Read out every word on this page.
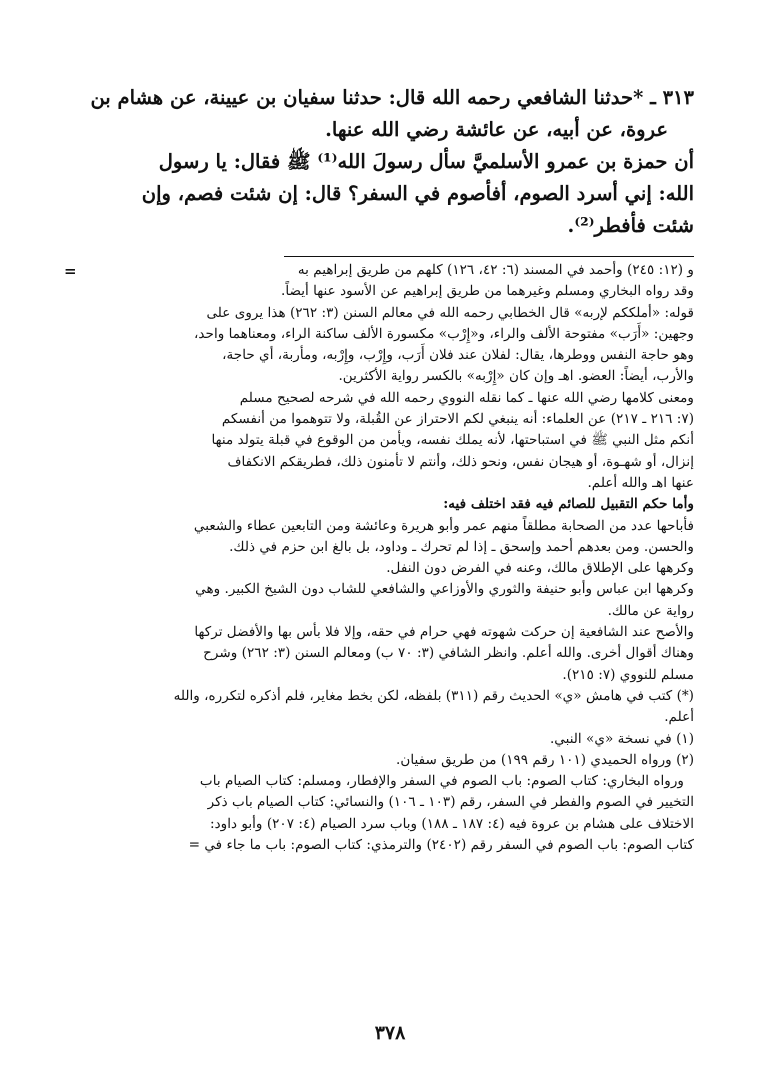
٣١٣ ـ *حدثنا الشافعي رحمه الله قال: حدثنا سفيان بن عيينة، عن هشام بن

عروة، عن أبيه، عن عائشة رضي الله عنها.

أن حمزة بن عمرو الأسلميَّ سأل رسولَ الله⁽¹⁾ ﷺ فقال: يا رسول

الله: إني أسرد الصوم، أفأصوم في السفر؟ قال: إن شئت فصم، وإن

شئت فأفطر⁽²⁾.

و (١٢: ٢٤٥) وأحمد في المسند (٦: ٤٢، ١٢٦) كلهم من طريق إبراهيم به

وقد رواه البخاري ومسلم وغيرهما من طريق إبراهيم عن الأسود عنها أيضاً.

قوله: «أملككم لإربه» قال الخطابي رحمه الله في معالم السنن (٣: ٢٦٢) هذا يروى على

وجهين: «أَرَب» مفتوحة الألف والراء، و«إِرْب» مكسورة الألف ساكنة الراء، ومعناهما واحد،

وهو حاجة النفس ووطرها، يقال: لفلان عند فلان أَرَب، وإِرْب، وإِرْبه، ومأربة، أي حاجة،

والأرب، أيضاً: العضو. اهـ وإن كان «إِرْبه» بالكسر رواية الأكثرين.

ومعنى كلامها رضي الله عنها ـ كما نقله النووي رحمه الله في شرحه لصحيح مسلم

(٧: ٢١٦ ـ ٢١٧) عن العلماء: أنه ينبغي لكم الاحتراز عن القُبلة، ولا تتوهموا من أنفسكم

أنكم مثل النبي ﷺ في استباحتها، لأنه يملك نفسه، ويأمن من الوقوع في قبلة يتولد منها

إنزال، أو شهـوة، أو هيجان نفس، ونحو ذلك، وأنتم لا تأمنون ذلك، فطريقكم الانكفاف

عنها اهـ والله أعلم.

وأما حكم التقبيل للصائم فيه فقد اختلف فيه:

فأباحها عدد من الصحابة مطلقاً منهم عمر وأبو هريرة وعائشة ومن التابعين عطاء والشعبي

والحسن. ومن بعدهم أحمد وإسحق ـ إذا لم تحرك ـ وداود، بل بالغ ابن حزم في ذلك.

وكرهها على الإطلاق مالك، وعنه في الفرض دون النفل.

وكرهها ابن عباس وأبو حنيفة والثوري والأوزاعي والشافعي للشاب دون الشيخ الكبير. وهي

رواية عن مالك.

والأصح عند الشافعية إن حركت شهوته فهي حرام في حقه، وإلا فلا بأس بها والأفضل تركها

وهناك أقوال أخرى. والله أعلم. وانظر الشافي (٣: ٧٠ ب) ومعالم السنن (٣: ٢٦٢) وشرح

مسلم للنووي (٧: ٢١٥).

(*) كتب في هامش «ي» الحديث رقم (٣١١) بلفظه، لكن بخط مغاير، فلم أذكره لتكرره، والله

أعلم.

(١) في نسخة «ي» النبي.

(٢) ورواه الحميدي (١٠١ رقم ١٩٩) من طريق سفيان.

ورواه البخاري: كتاب الصوم: باب الصوم في السفر والإفطار، ومسلم: كتاب الصيام باب

التخيير في الصوم والفطر في السفر، رقم (١٠٣ ـ ١٠٦) والنسائي: كتاب الصيام باب ذكر

الاختلاف على هشام بن عروة فيه (٤: ١٨٧ ـ ١٨٨) وباب سرد الصيام (٤: ٢٠٧) وأبو داود:

كتاب الصوم: باب الصوم في السفر رقم (٢٤٠٢) والترمذي: كتاب الصوم: باب ما جاء في =

٣٧٨
=
